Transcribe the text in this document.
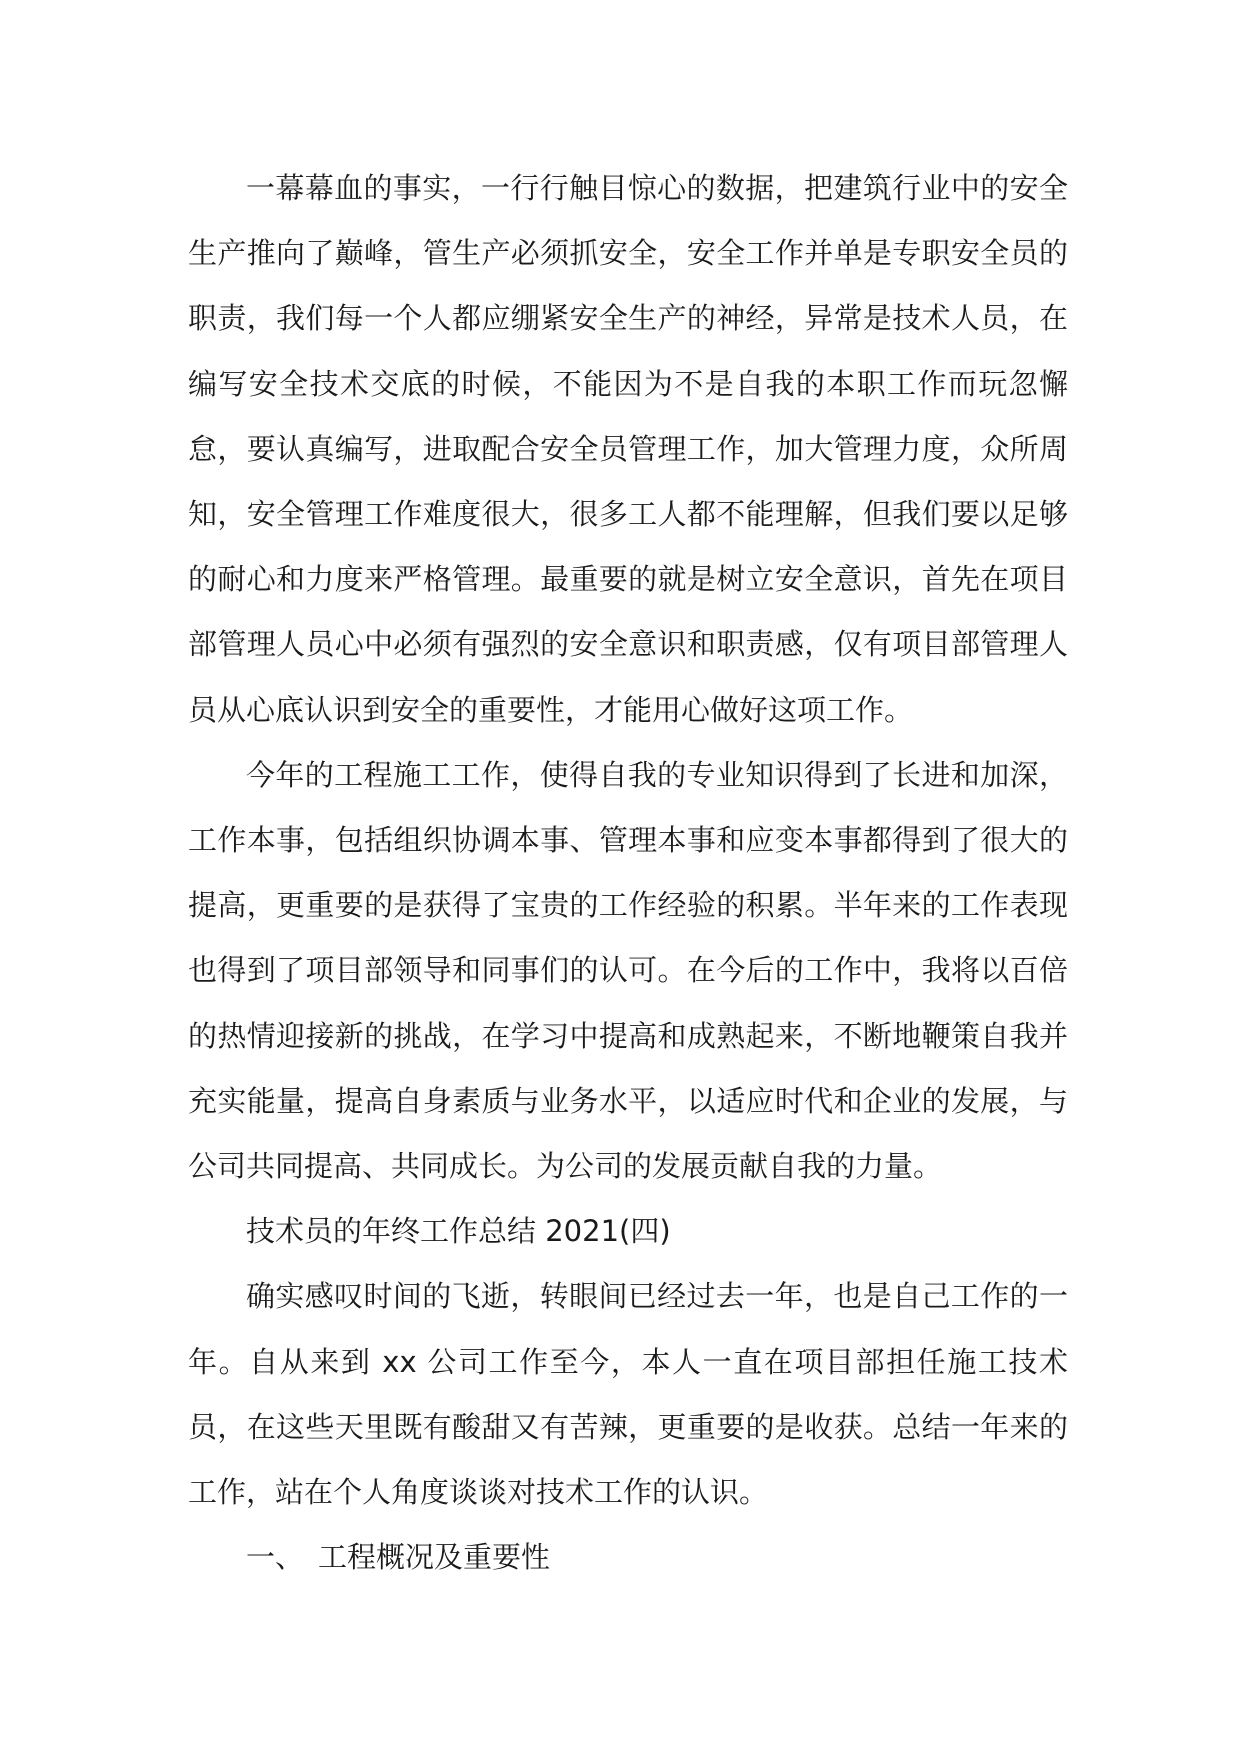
一幕幕血的事实，一行行触目惊心的数据，把建筑行业中的安全生产推向了巅峰，管生产必须抓安全，安全工作并单是专职安全员的职责，我们每一个人都应绷紧安全生产的神经，异常是技术人员，在编写安全技术交底的时候，不能因为不是自我的本职工作而玩忽懈怠，要认真编写，进取配合安全员管理工作，加大管理力度，众所周知，安全管理工作难度很大，很多工人都不能理解，但我们要以足够的耐心和力度来严格管理。最重要的就是树立安全意识，首先在项目部管理人员心中必须有强烈的安全意识和职责感，仅有项目部管理人员从心底认识到安全的重要性，才能用心做好这项工作。

今年的工程施工工作，使得自我的专业知识得到了长进和加深，工作本事，包括组织协调本事、管理本事和应变本事都得到了很大的提高，更重要的是获得了宝贵的工作经验的积累。半年来的工作表现也得到了项目部领导和同事们的认可。在今后的工作中，我将以百倍的热情迎接新的挑战，在学习中提高和成熟起来，不断地鞭策自我并充实能量，提高自身素质与业务水平，以适应时代和企业的发展，与公司共同提高、共同成长。为公司的发展贡献自我的力量。

技术员的年终工作总结 2021(四)

确实感叹时间的飞逝，转眼间已经过去一年，也是自己工作的一年。自从来到 xx 公司工作至今，本人一直在项目部担任施工技术员，在这些天里既有酸甜又有苦辣，更重要的是收获。总结一年来的工作，站在个人角度谈谈对技术工作的认识。

一、 工程概况及重要性
